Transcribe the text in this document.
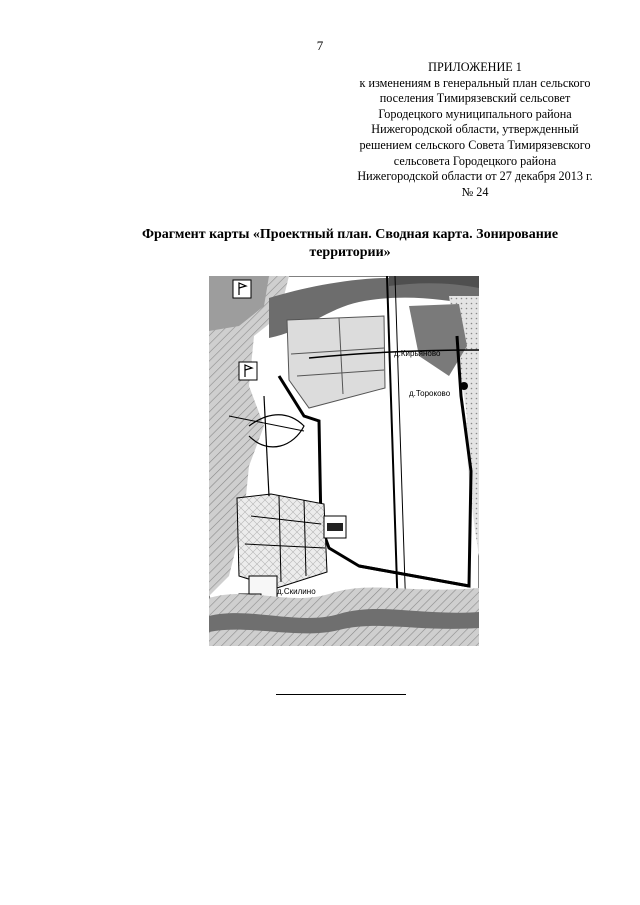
7
ПРИЛОЖЕНИЕ 1
к изменениям в генеральный план сельского
поселения Тимирязевский сельсовет
Городецкого муниципального района
Нижегородской области, утвержденный
решением сельского Совета Тимирязевского
сельсовета Городецкого района
Нижегородской области от 27 декабря 2013 г.
№ 24
Фрагмент карты «Проектный план. Сводная карта. Зонирование
территории»
д.Кирьяново
д.Тороково
д.Скилино
